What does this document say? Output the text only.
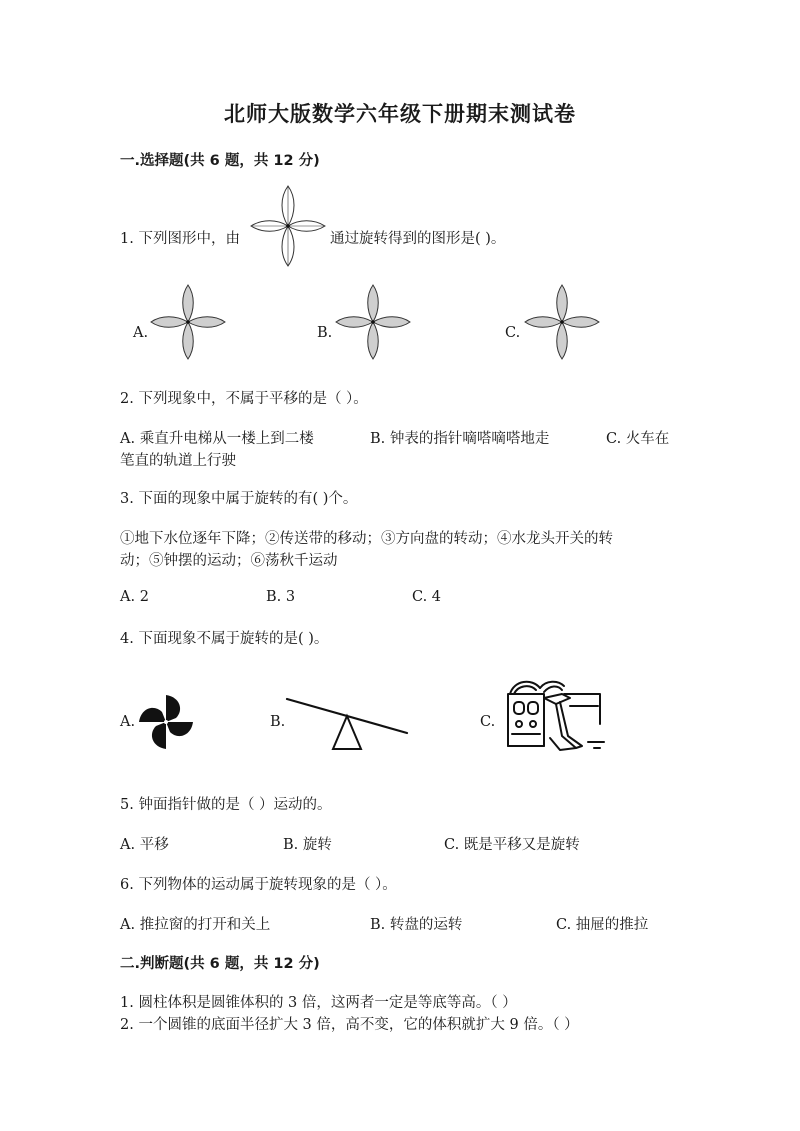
北师大版数学六年级下册期末测试卷
一.选择题(共 6 题，共 12 分)
1. 下列图形中，由	通过旋转得到的图形是( )。
A.	B.	C.
2. 下列现象中，不属于平移的是（ ）。
A. 乘直升电梯从一楼上到二楼	B. 钟表的指针嘀嗒嘀嗒地走	C. 火车在
笔直的轨道上行驶
3. 下面的现象中属于旋转的有( )个。
①地下水位逐年下降；②传送带的移动；③方向盘的转动；④水龙头开关的转
动；⑤钟摆的运动；⑥荡秋千运动
A. 2	B. 3	C. 4
4. 下面现象不属于旋转的是( )。
A.	B.	C.
5. 钟面指针做的是（ ）运动的。
A. 平移	B. 旋转	C. 既是平移又是旋转
6. 下列物体的运动属于旋转现象的是（ ）。
A. 推拉窗的打开和关上	B. 转盘的运转	C. 抽屉的推拉
二.判断题(共 6 题，共 12 分)
1. 圆柱体积是圆锥体积的 3 倍，这两者一定是等底等高。（ ）
2. 一个圆锥的底面半径扩大 3 倍，高不变，它的体积就扩大 9 倍。（ ）
